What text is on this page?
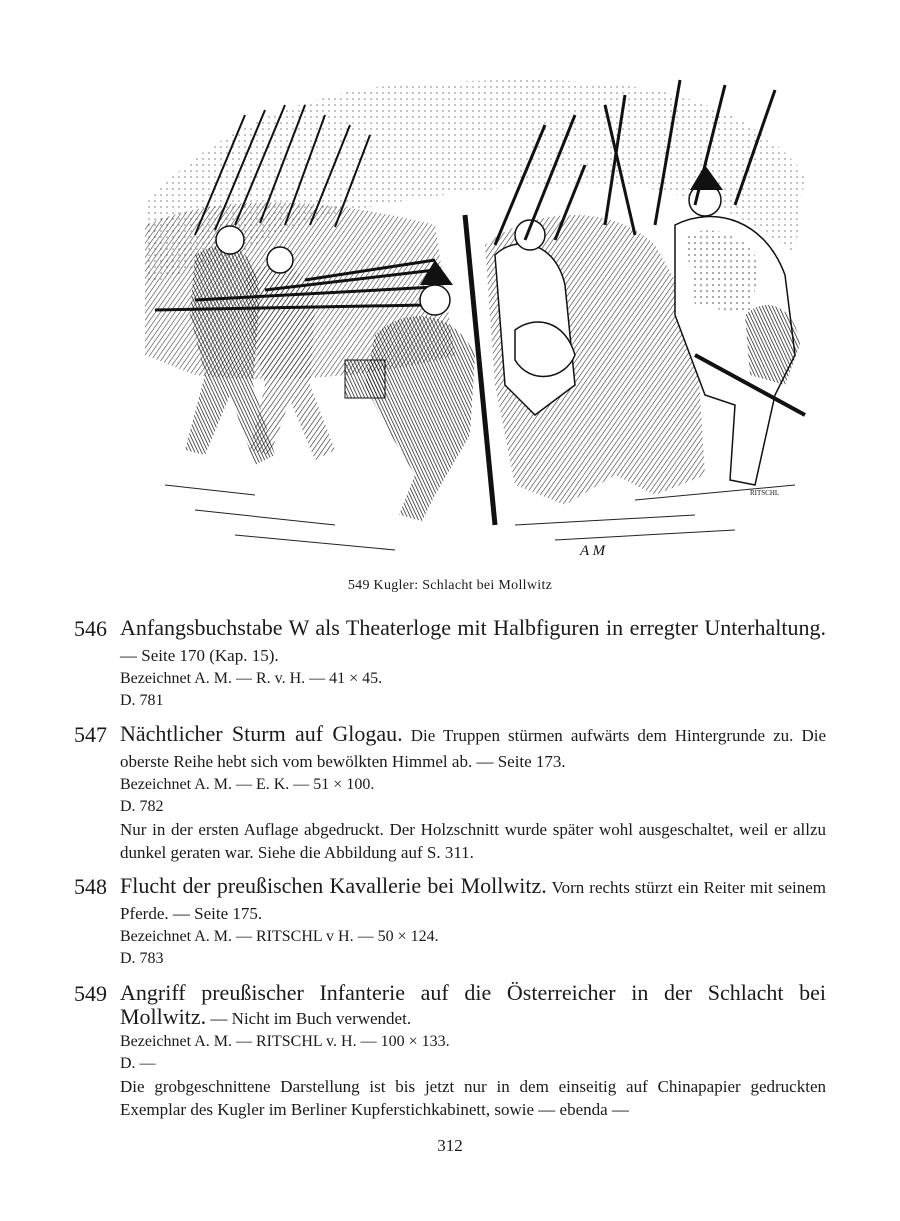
RITSCHL
A M
549 Kugler: Schlacht bei Mollwitz
546 Anfangsbuchstabe W als Theaterloge mit Halbfiguren in erregter Unterhaltung. — Seite 170 (Kap. 15).
Bezeichnet A. M. — R. v. H. — 41 × 45.
D. 781
547 Nächtlicher Sturm auf Glogau. Die Truppen stürmen aufwärts dem Hintergrunde zu. Die oberste Reihe hebt sich vom bewölkten Himmel ab. — Seite 173.
Bezeichnet A. M. — E. K. — 51 × 100.
D. 782
Nur in der ersten Auflage abgedruckt. Der Holzschnitt wurde später wohl ausgeschaltet, weil er allzu dunkel geraten war. Siehe die Abbildung auf S. 311.
548 Flucht der preußischen Kavallerie bei Mollwitz. Vorn rechts stürzt ein Reiter mit seinem Pferde. — Seite 175.
Bezeichnet A. M. — RITSCHL v H. — 50 × 124.
D. 783
549 Angriff preußischer Infanterie auf die Österreicher in der Schlacht bei Mollwitz. — Nicht im Buch verwendet.
Bezeichnet A. M. — RITSCHL v. H. — 100 × 133.
D. —
Die grobgeschnittene Darstellung ist bis jetzt nur in dem einseitig auf Chinapapier gedruckten Exemplar des Kugler im Berliner Kupferstichkabinett, sowie — ebenda —
312
